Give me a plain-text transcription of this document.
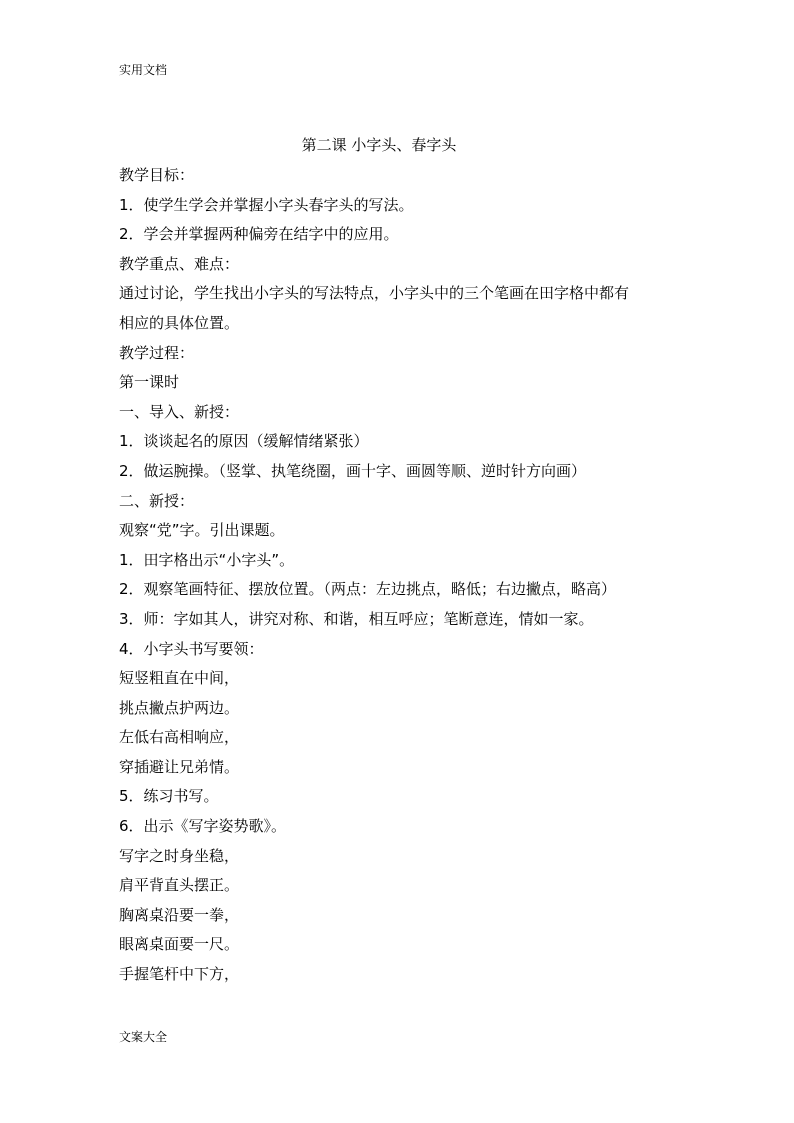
实用文档
第二课 小字头、春字头
教学目标：
1．使学生学会并掌握小字头春字头的写法。
2．学会并掌握两种偏旁在结字中的应用。
教学重点、难点：
通过讨论，学生找出小字头的写法特点，小字头中的三个笔画在田字格中都有
相应的具体位置。
教学过程：
第一课时
一、导入、新授：
1．谈谈起名的原因（缓解情绪紧张）
2．做运腕操。（竖掌、执笔绕圈，画十字、画圆等顺、逆时针方向画）
二、新授：
观察“党”字。引出课题。
1．田字格出示“小字头”。
2．观察笔画特征、摆放位置。（两点：左边挑点，略低；右边撇点，略高）
3．师：字如其人，讲究对称、和谐，相互呼应；笔断意连，情如一家。
4．小字头书写要领：
短竖粗直在中间，
挑点撇点护两边。
左低右高相响应，
穿插避让兄弟情。
5．练习书写。
6．出示《写字姿势歌》。
写字之时身坐稳，
肩平背直头摆正。
胸离桌沿要一拳，
眼离桌面要一尺。
手握笔杆中下方，
文案大全
